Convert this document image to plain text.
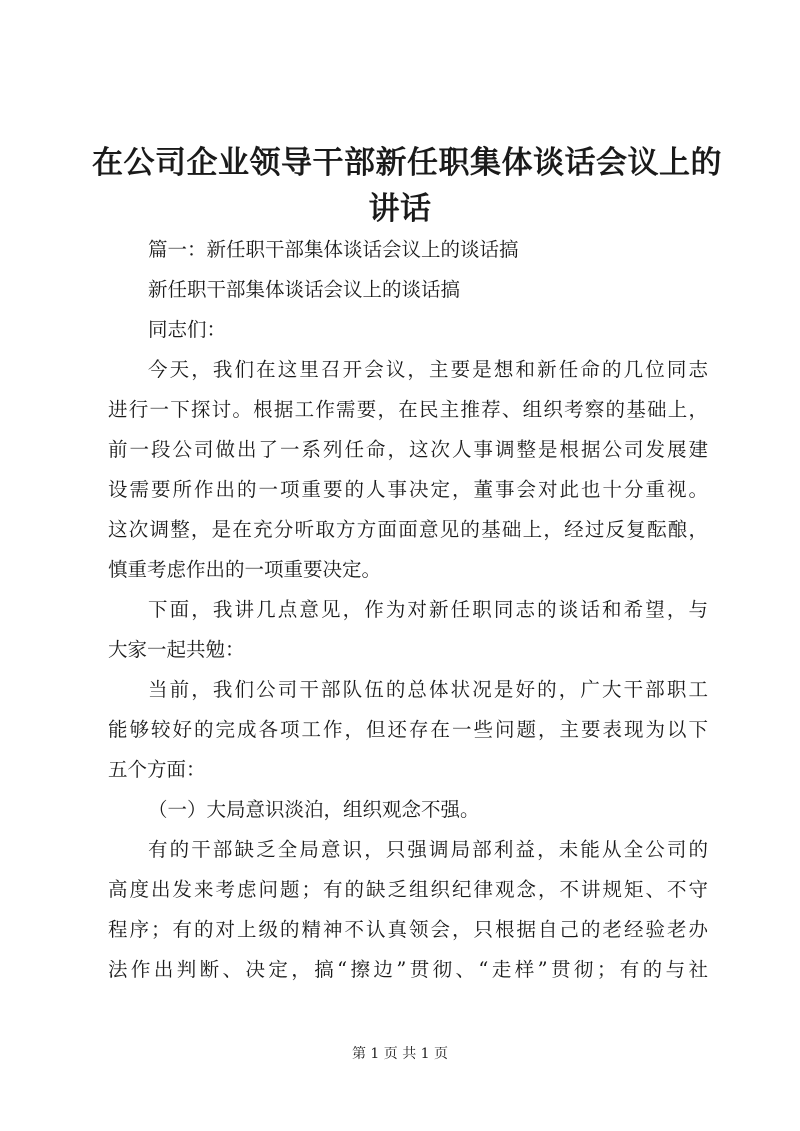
在公司企业领导干部新任职集体谈话会议上的
讲话
篇一：新任职干部集体谈话会议上的谈话搞
新任职干部集体谈话会议上的谈话搞
同志们：
今天，我们在这里召开会议，主要是想和新任命的几位同志
进行一下探讨。根据工作需要，在民主推荐、组织考察的基础上，
前一段公司做出了一系列任命，这次人事调整是根据公司发展建
设需要所作出的一项重要的人事决定，董事会对此也十分重视。
这次调整，是在充分听取方方面面意见的基础上，经过反复酝酿，
慎重考虑作出的一项重要决定。
下面，我讲几点意见，作为对新任职同志的谈话和希望，与
大家一起共勉：
当前，我们公司干部队伍的总体状况是好的，广大干部职工
能够较好的完成各项工作，但还存在一些问题，主要表现为以下
五个方面：
（一）大局意识淡泊，组织观念不强。
有的干部缺乏全局意识，只强调局部利益，未能从全公司的
高度出发来考虑问题；有的缺乏组织纪律观念，不讲规矩、不守
程序；有的对上级的精神不认真领会，只根据自己的老经验老办
法作出判断、决定，搞“擦边”贯彻、“走样”贯彻；有的与社
第 1 页 共 1 页
